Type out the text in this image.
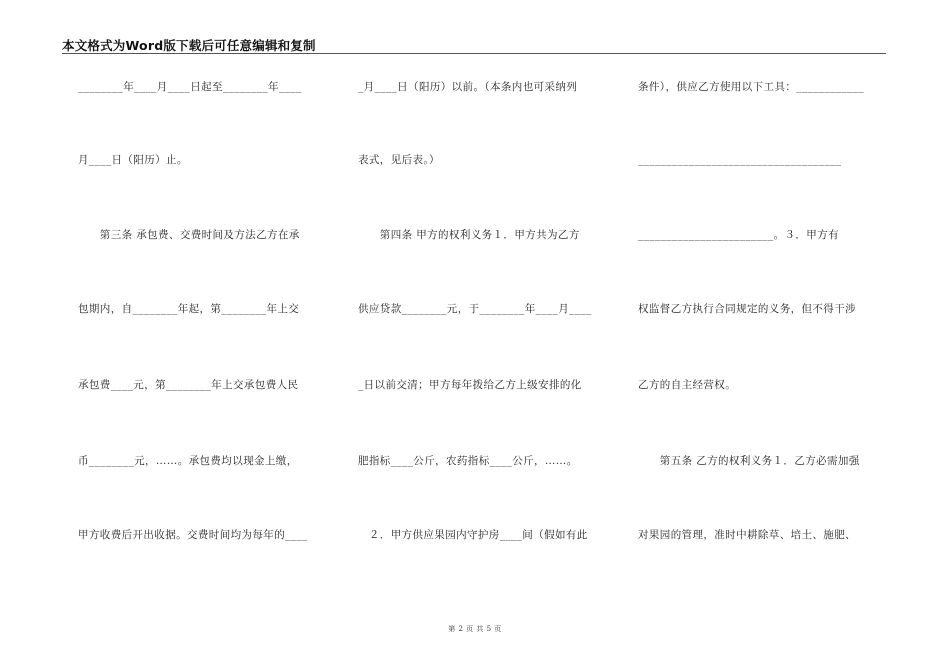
本文格式为Word版下载后可任意编辑和复制
________年____月____日起至________年____
月____日（阳历）止。
　　第三条 承包费、交费时间及方法乙方在承
包期内，自________年起，第________年上交
承包费____元，第________年上交承包费人民
币________元，……。承包费均以现金上缴，
甲方收费后开出收据。交费时间均为每年的____
_月____日（阳历）以前。（本条内也可采纳列
表式，见后表。）
　　第四条 甲方的权利义务１．甲方共为乙方
供应贷款________元，于________年____月____
_日以前交清；甲方每年拨给乙方上级安排的化
肥指标____公斤，农药指标____公斤，……。
　２．甲方供应果园内守护房____间（假如有此
条件），供应乙方使用以下工具：____________
____________________________________
________________________。３．甲方有
权监督乙方执行合同规定的义务，但不得干涉
乙方的自主经营权。
　　第五条 乙方的权利义务１．乙方必需加强
对果园的管理，准时中耕除草、培土、施肥、
第 2 页 共 5 页
